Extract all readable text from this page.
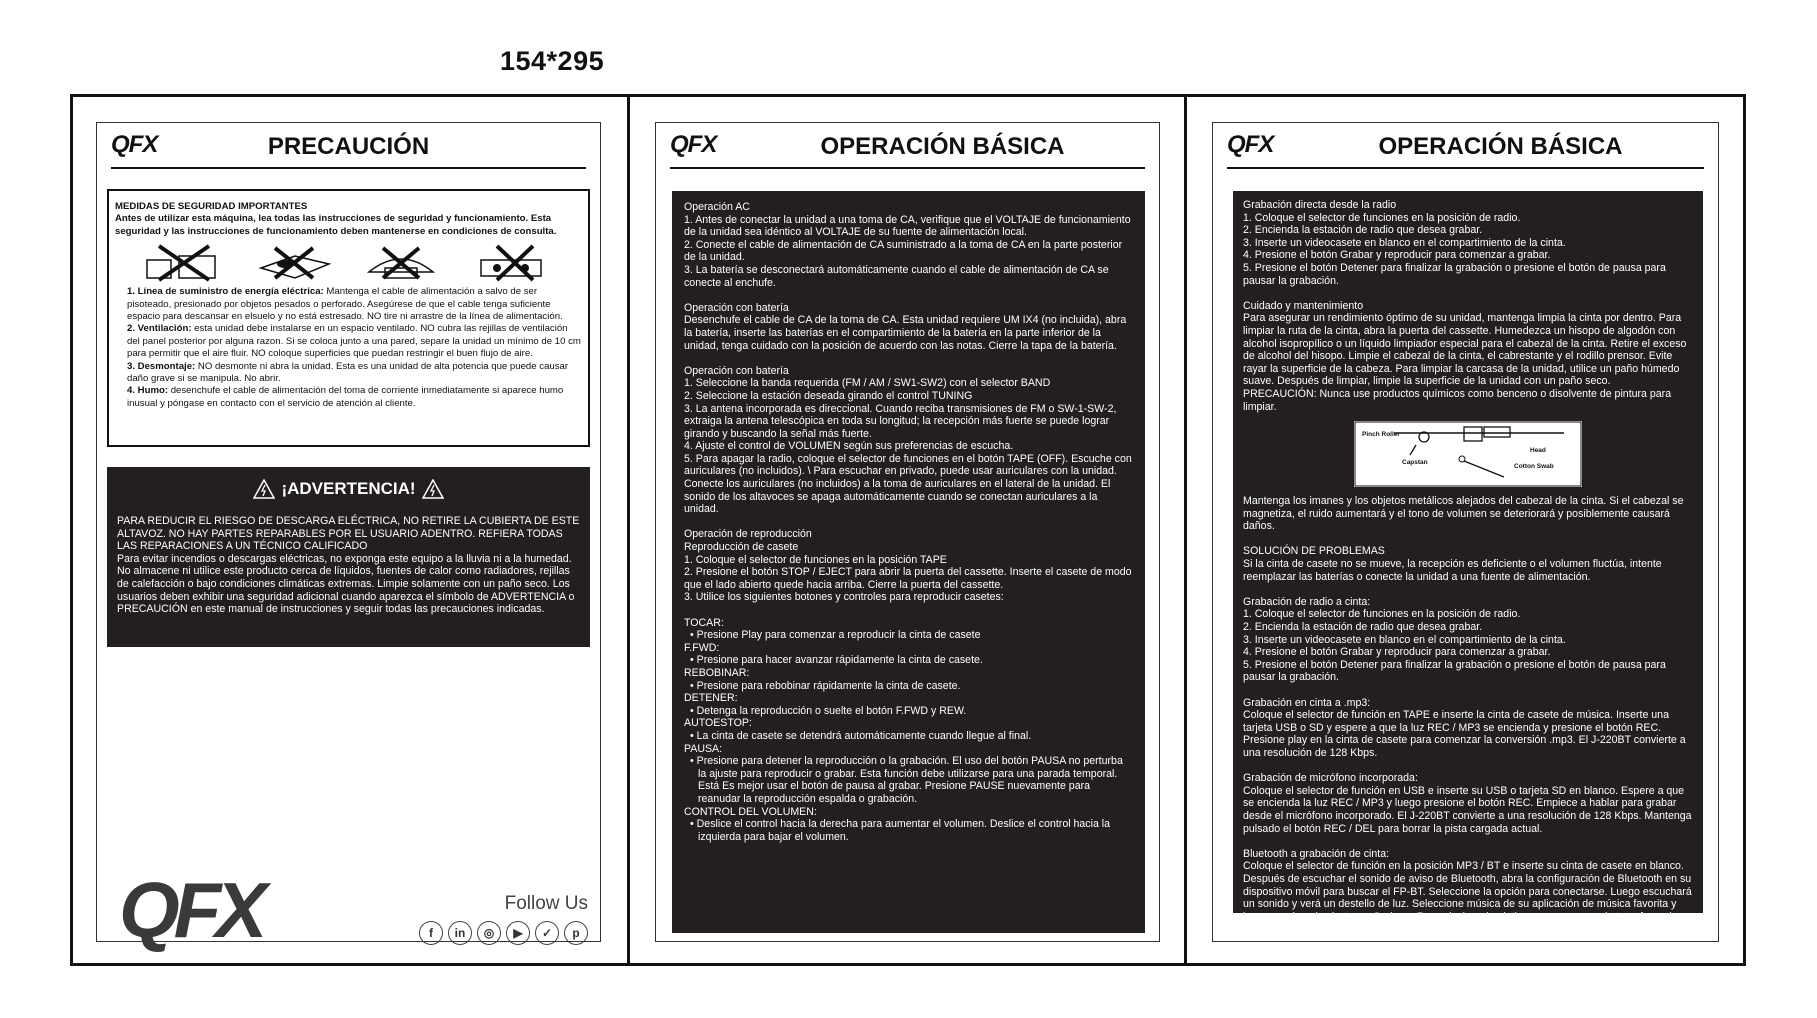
154*295
QFX	PRECAUCIÓN
MEDIDAS DE SEGURIDAD IMPORTANTES
Antes de utilizar esta máquina, lea todas las instrucciones de seguridad y funcionamiento. Esta seguridad y las instrucciones de funcionamiento deben mantenerse en condiciones de consulta.
1. Línea de suministro de energía eléctrica: Mantenga el cable de alimentación a salvo de ser pisoteado, presionado por objetos pesados o perforado. Asegúrese de que el cable tenga suficiente espacio para descansar en elsuelo y no está estresado. NO tire ni arrastre de la línea de alimentación.
2. Ventilación: esta unidad debe instalarse en un espacio ventilado. NO cubra las rejillas de ventilación del panel posterior por alguna razon. Si se coloca junto a una pared, separe la unidad un mínimo de 10 cm para permitir que el aire fluir. NO coloque superficies que puedan restringir el buen flujo de aire.
3. Desmontaje: NO desmonte ni abra la unidad. Esta es una unidad de alta potencia que puede causar daño grave si se manipula. No abrir.
4. Humo: desenchufe el cable de alimentación del toma de corriente inmediatamente si aparece humo inusual y póngase en contacto con el servicio de atención al cliente.
¡ADVERTENCIA!

PARA REDUCIR EL RIESGO DE DESCARGA ELÉCTRICA, NO RETIRE LA CUBIERTA DE ESTE ALTAVOZ. NO HAY PARTES REPARABLES POR EL USUARIO ADENTRO. REFIERA TODAS LAS REPARACIONES A UN TÉCNICO CALIFICADO

Para evitar incendios o descargas eléctricas, no exponga este equipo a la lluvia ni a la humedad. No almacene ni utilice este producto cerca de líquidos, fuentes de calor como radiadores, rejillas de calefacción o bajo condiciones climáticas extremas. Limpie solamente con un paño seco. Los usuarios deben exhibir una seguridad adicional cuando aparezca el símbolo de ADVERTENCIA o PRECAUCIÓN en este manual de instrucciones y seguir todas las precauciones indicadas.

QFX	Follow Us
f	in	◎	▶	✓	p
QFX	OPERACIÓN BÁSICA

Operación AC

1. Antes de conectar la unidad a una toma de CA, verifique que el VOLTAJE de funcionamiento de la unidad sea idéntico al VOLTAJE de su fuente de alimentación local.

2. Conecte el cable de alimentación de CA suministrado a la toma de CA en la parte posterior de la unidad.

3. La batería se desconectará automáticamente cuando el cable de alimentación de CA se conecte al enchufe.

Operación con batería

Desenchufe el cable de CA de la toma de CA. Esta unidad requiere UM IX4 (no incluida), abra la batería, inserte las baterías en el compartimiento de la batería en la parte inferior de la unidad, tenga cuidado con la posición de acuerdo con las notas. Cierre la tapa de la batería.

Operación con batería

1. Seleccione la banda requerida (FM / AM / SW1-SW2) con el selector BAND

2. Seleccione la estación deseada girando el control TUNING

3. La antena incorporada es direccional. Cuando reciba transmisiones de FM o SW-1-SW-2, extraiga la antena telescópica en toda su longitud; la recepción más fuerte se puede lograr girando y buscando la señal más fuerte.

4. Ajuste el control de VOLUMEN según sus preferencias de escucha.

5. Para apagar la radio, coloque el selector de funciones en el botón TAPE (OFF). Escuche con auriculares (no incluidos). \ Para escuchar en privado, puede usar auriculares con la unidad. Conecte los auriculares (no incluidos) a la toma de auriculares en el lateral de la unidad. El sonido de los altavoces se apaga automáticamente cuando se conectan auriculares a la unidad.

Operación de reproducción

Reproducción de casete

1. Coloque el selector de funciones en la posición TAPE

2. Presione el botón STOP / EJECT para abrir la puerta del cassette. Inserte el casete de modo que el lado abierto quede hacia arriba. Cierre la puerta del cassette.

3. Utilice los siguientes botones y controles para reproducir casetes:

TOCAR:

• Presione Play para comenzar a reproducir la cinta de casete

F.FWD:

• Presione para hacer avanzar rápidamente la cinta de casete.

REBOBINAR:

• Presione para rebobinar rápidamente la cinta de casete.

DETENER:

• Detenga la reproducción o suelte el botón F.FWD y REW.

AUTOESTOP:

• La cinta de casete se detendrá automáticamente cuando llegue al final.

PAUSA:

• Presione para detener la reproducción o la grabación. El uso del botón PAUSA no perturba la ajuste para reproducir o grabar. Esta función debe utilizarse para una parada temporal. Está Es mejor usar el botón de pausa al grabar. Presione PAUSE nuevamente para reanudar la reproducción espalda o grabación.

CONTROL DEL VOLUMEN:

• Deslice el control hacia la derecha para aumentar el volumen. Deslice el control hacia la izquierda para bajar el volumen.

QFX	OPERACIÓN BÁSICA

Grabación directa desde la radio

1. Coloque el selector de funciones en la posición de radio.

2. Encienda la estación de radio que desea grabar.

3. Inserte un videocasete en blanco en el compartimiento de la cinta.

4. Presione el botón Grabar y reproducir para comenzar a grabar.

5. Presione el botón Detener para finalizar la grabación o presione el botón de pausa para pausar la grabación.

Cuidado y mantenimiento

Para asegurar un rendimiento óptimo de su unidad, mantenga limpia la cinta por dentro. Para limpiar la ruta de la cinta, abra la puerta del cassette. Humedezca un hisopo de algodón con alcohol isopropílico o un líquido limpiador especial para el cabezal de la cinta. Retire el exceso de alcohol del hisopo. Limpie el cabezal de la cinta, el cabrestante y el rodillo prensor. Evite rayar la superficie de la cabeza. Para limpiar la carcasa de la unidad, utilice un paño húmedo suave. Después de limpiar, limpie la superficie de la unidad con un paño seco.

PRECAUCIÓN: Nunca use productos químicos como benceno o disolvente de pintura para limpiar.

Pinch Roller
Capstan
Head
Cotton Swab

Mantenga los imanes y los objetos metálicos alejados del cabezal de la cinta. Si el cabezal se magnetiza, el ruido aumentará y el tono de volumen se deteriorará y posiblemente causará daños.

SOLUCIÓN DE PROBLEMAS

Si la cinta de casete no se mueve, la recepción es deficiente o el volumen fluctúa, intente reemplazar las baterías o conecte la unidad a una fuente de alimentación.

Grabación de radio a cinta:

1. Coloque el selector de funciones en la posición de radio.

2. Encienda la estación de radio que desea grabar.

3. Inserte un videocasete en blanco en el compartimiento de la cinta.

4. Presione el botón Grabar y reproducir para comenzar a grabar.

5. Presione el botón Detener para finalizar la grabación o presione el botón de pausa para pausar la grabación.

Grabación en cinta a .mp3:

Coloque el selector de función en TAPE e inserte la cinta de casete de música. Inserte una tarjeta USB o SD y espere a que la luz REC / MP3 se encienda y presione el botón REC. Presione play en la cinta de casete para comenzar la conversión .mp3. El J-220BT convierte a una resolución de 128 Kbps.

Grabación de micrófono incorporada:

Coloque el selector de función en USB e inserte su USB o tarjeta SD en blanco. Espere a que se encienda la luz REC / MP3 y luego presione el botón REC. Empiece a hablar para grabar desde el micrófono incorporado. El J-220BT convierte a una resolución de 128 Kbps. Mantenga pulsado el botón REC / DEL para borrar la pista cargada actual.

Bluetooth a grabación de cinta:

Coloque el selector de función en la posición MP3 / BT e inserte su cinta de casete en blanco. Después de escuchar el sonido de aviso de Bluetooth, abra la configuración de Bluetooth en su dispositivo móvil para buscar el FP-BT. Seleccione la opción para conectarse. Luego escuchará un sonido y verá un destello de luz. Seleccione música de su aplicación de música favorita y luego presione los botones Grabar y Reproducir en la platina para comenzar la transferencia.
